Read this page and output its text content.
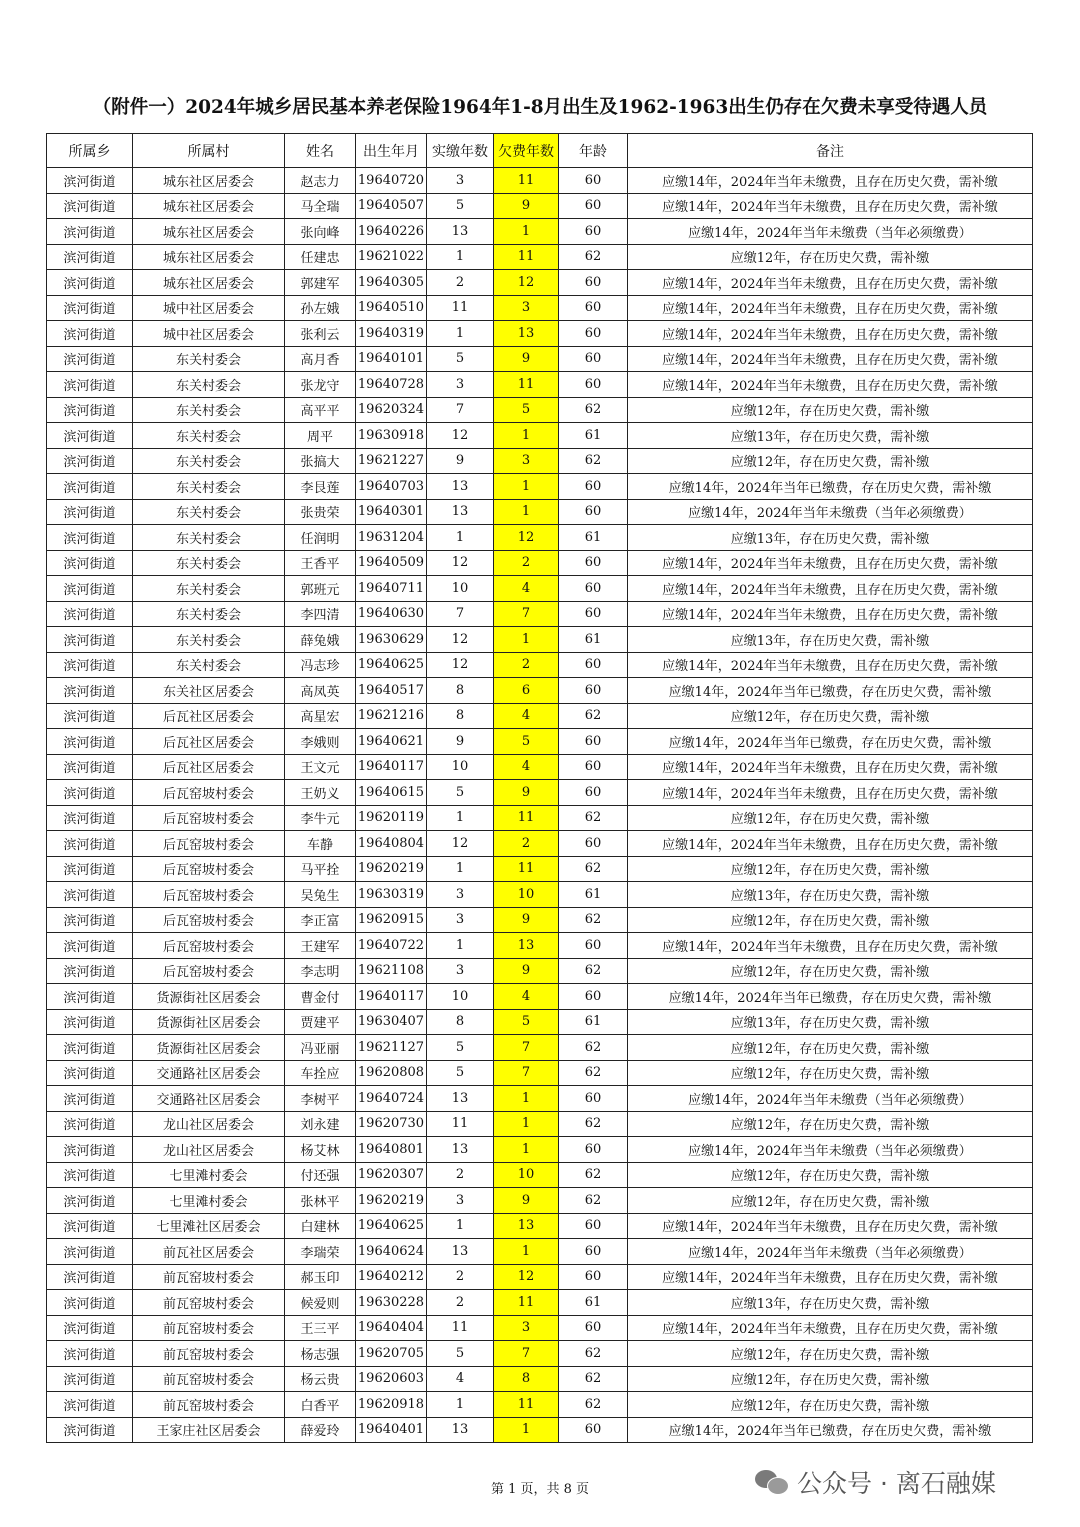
（附件一）2024年城乡居民基本养老保险1964年1-8月出生及1962-1963出生仍存在欠费未享受待遇人员
所属乡	所属村	姓名	出生年月	实缴年数	欠费年数	年龄	备注
滨河街道	城东社区居委会	赵志力	19640720	3	11	60	应缴14年，2024年当年未缴费，且存在历史欠费，需补缴
滨河街道	城东社区居委会	马全瑞	19640507	5	9	60	应缴14年，2024年当年未缴费，且存在历史欠费，需补缴
滨河街道	城东社区居委会	张向峰	19640226	13	1	60	应缴14年，2024年当年未缴费（当年必须缴费）
滨河街道	城东社区居委会	任建忠	19621022	1	11	62	应缴12年，存在历史欠费，需补缴
滨河街道	城东社区居委会	郭建军	19640305	2	12	60	应缴14年，2024年当年未缴费，且存在历史欠费，需补缴
滨河街道	城中社区居委会	孙左娥	19640510	11	3	60	应缴14年，2024年当年未缴费，且存在历史欠费，需补缴
滨河街道	城中社区居委会	张利云	19640319	1	13	60	应缴14年，2024年当年未缴费，且存在历史欠费，需补缴
滨河街道	东关村委会	高月香	19640101	5	9	60	应缴14年，2024年当年未缴费，且存在历史欠费，需补缴
滨河街道	东关村委会	张龙守	19640728	3	11	60	应缴14年，2024年当年未缴费，且存在历史欠费，需补缴
滨河街道	东关村委会	高平平	19620324	7	5	62	应缴12年，存在历史欠费，需补缴
滨河街道	东关村委会	周平	19630918	12	1	61	应缴13年，存在历史欠费，需补缴
滨河街道	东关村委会	张搞大	19621227	9	3	62	应缴12年，存在历史欠费，需补缴
滨河街道	东关村委会	李艮莲	19640703	13	1	60	应缴14年，2024年当年已缴费，存在历史欠费，需补缴
滨河街道	东关村委会	张贵荣	19640301	13	1	60	应缴14年，2024年当年未缴费（当年必须缴费）
滨河街道	东关村委会	任润明	19631204	1	12	61	应缴13年，存在历史欠费，需补缴
滨河街道	东关村委会	王香平	19640509	12	2	60	应缴14年，2024年当年未缴费，且存在历史欠费，需补缴
滨河街道	东关村委会	郭班元	19640711	10	4	60	应缴14年，2024年当年未缴费，且存在历史欠费，需补缴
滨河街道	东关村委会	李四清	19640630	7	7	60	应缴14年，2024年当年未缴费，且存在历史欠费，需补缴
滨河街道	东关村委会	薛兔娥	19630629	12	1	61	应缴13年，存在历史欠费，需补缴
滨河街道	东关村委会	冯志珍	19640625	12	2	60	应缴14年，2024年当年未缴费，且存在历史欠费，需补缴
滨河街道	东关社区居委会	高凤英	19640517	8	6	60	应缴14年，2024年当年已缴费，存在历史欠费，需补缴
滨河街道	后瓦社区居委会	高星宏	19621216	8	4	62	应缴12年，存在历史欠费，需补缴
滨河街道	后瓦社区居委会	李娥则	19640621	9	5	60	应缴14年，2024年当年已缴费，存在历史欠费，需补缴
滨河街道	后瓦社区居委会	王文元	19640117	10	4	60	应缴14年，2024年当年未缴费，且存在历史欠费，需补缴
滨河街道	后瓦窑坡村委会	王奶义	19640615	5	9	60	应缴14年，2024年当年未缴费，且存在历史欠费，需补缴
滨河街道	后瓦窑坡村委会	李牛元	19620119	1	11	62	应缴12年，存在历史欠费，需补缴
滨河街道	后瓦窑坡村委会	车静	19640804	12	2	60	应缴14年，2024年当年未缴费，且存在历史欠费，需补缴
滨河街道	后瓦窑坡村委会	马平拴	19620219	1	11	62	应缴12年，存在历史欠费，需补缴
滨河街道	后瓦窑坡村委会	吴兔生	19630319	3	10	61	应缴13年，存在历史欠费，需补缴
滨河街道	后瓦窑坡村委会	李正富	19620915	3	9	62	应缴12年，存在历史欠费，需补缴
滨河街道	后瓦窑坡村委会	王建军	19640722	1	13	60	应缴14年，2024年当年未缴费，且存在历史欠费，需补缴
滨河街道	后瓦窑坡村委会	李志明	19621108	3	9	62	应缴12年，存在历史欠费，需补缴
滨河街道	货源街社区居委会	曹金付	19640117	10	4	60	应缴14年，2024年当年已缴费，存在历史欠费，需补缴
滨河街道	货源街社区居委会	贾建平	19630407	8	5	61	应缴13年，存在历史欠费，需补缴
滨河街道	货源街社区居委会	冯亚丽	19621127	5	7	62	应缴12年，存在历史欠费，需补缴
滨河街道	交通路社区居委会	车拴应	19620808	5	7	62	应缴12年，存在历史欠费，需补缴
滨河街道	交通路社区居委会	李树平	19640724	13	1	60	应缴14年，2024年当年未缴费（当年必须缴费）
滨河街道	龙山社区居委会	刘永建	19620730	11	1	62	应缴12年，存在历史欠费，需补缴
滨河街道	龙山社区居委会	杨艾林	19640801	13	1	60	应缴14年，2024年当年未缴费（当年必须缴费）
滨河街道	七里滩村委会	付还强	19620307	2	10	62	应缴12年，存在历史欠费，需补缴
滨河街道	七里滩村委会	张林平	19620219	3	9	62	应缴12年，存在历史欠费，需补缴
滨河街道	七里滩社区居委会	白建林	19640625	1	13	60	应缴14年，2024年当年未缴费，且存在历史欠费，需补缴
滨河街道	前瓦社区居委会	李瑞荣	19640624	13	1	60	应缴14年，2024年当年未缴费（当年必须缴费）
滨河街道	前瓦窑坡村委会	郝玉印	19640212	2	12	60	应缴14年，2024年当年未缴费，且存在历史欠费，需补缴
滨河街道	前瓦窑坡村委会	候爱则	19630228	2	11	61	应缴13年，存在历史欠费，需补缴
滨河街道	前瓦窑坡村委会	王三平	19640404	11	3	60	应缴14年，2024年当年未缴费，且存在历史欠费，需补缴
滨河街道	前瓦窑坡村委会	杨志强	19620705	5	7	62	应缴12年，存在历史欠费，需补缴
滨河街道	前瓦窑坡村委会	杨云贵	19620603	4	8	62	应缴12年，存在历史欠费，需补缴
滨河街道	前瓦窑坡村委会	白香平	19620918	1	11	62	应缴12年，存在历史欠费，需补缴
滨河街道	王家庄社区居委会	薛爱玲	19640401	13	1	60	应缴14年，2024年当年已缴费，存在历史欠费，需补缴
第 1 页，共 8 页	公众号 · 离石融媒
